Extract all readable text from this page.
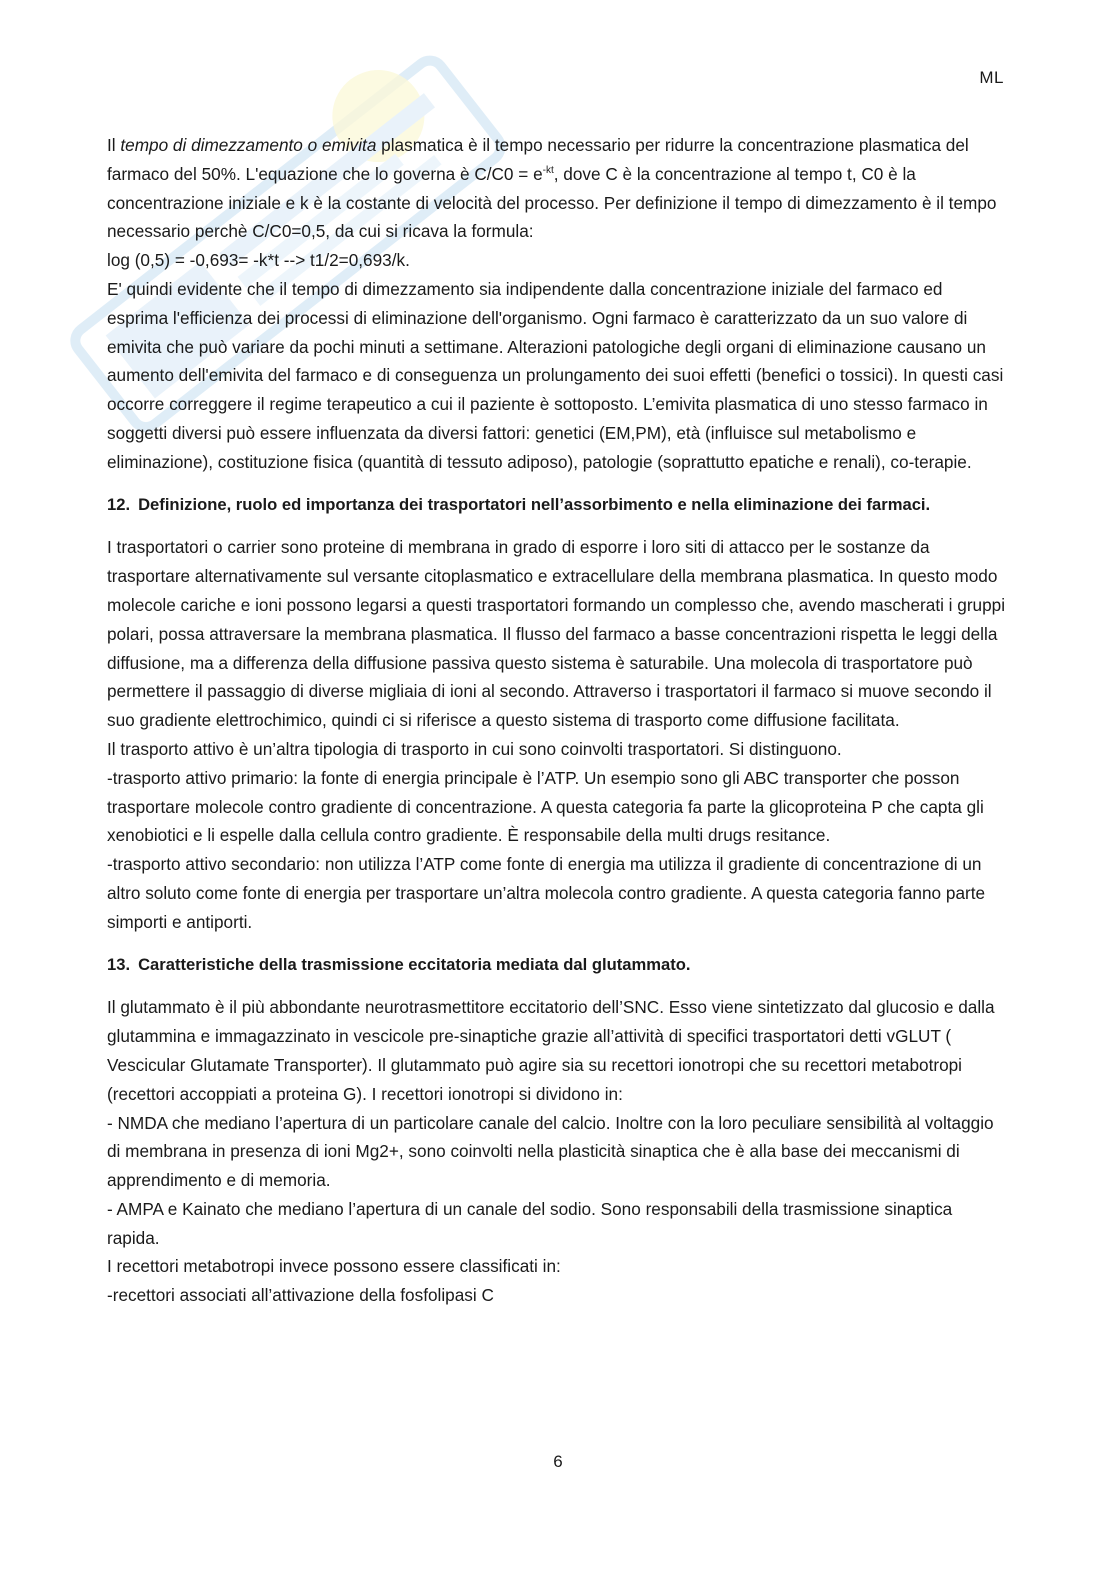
ML

Il tempo di dimezzamento o emivita plasmatica è il tempo necessario per ridurre la concentrazione plasmatica del farmaco del 50%. L'equazione che lo governa è $C/C0 = e^{-kt}$, dove C è la concentrazione al tempo t, C0 è la concentrazione iniziale e k è la costante di velocità del processo. Per definizione il tempo di dimezzamento è il tempo necessario perchè C/C0=0,5, da cui si ricava la formula:

log (0,5) = -0,693= -k*t --> t1/2=0,693/k.

E' quindi evidente che il tempo di dimezzamento sia indipendente dalla concentrazione iniziale del farmaco ed esprima l'efficienza dei processi di eliminazione dell'organismo. Ogni farmaco è caratterizzato da un suo valore di emivita che può variare da pochi minuti a settimane. Alterazioni patologiche degli organi di eliminazione causano un aumento dell'emivita del farmaco e di conseguenza un prolungamento dei suoi effetti (benefici o tossici). In questi casi occorre correggere il regime terapeutico a cui il paziente è sottoposto. L’emivita plasmatica di uno stesso farmaco in soggetti diversi può essere influenzata da diversi fattori: genetici (EM,PM), età (influisce sul metabolismo e eliminazione), costituzione fisica (quantità di tessuto adiposo), patologie (soprattutto epatiche e renali), co-terapie.

12. Definizione, ruolo ed importanza dei trasportatori nell’assorbimento e nella eliminazione dei farmaci.

I trasportatori o carrier sono proteine di membrana in grado di esporre i loro siti di attacco per le sostanze da trasportare alternativamente sul versante citoplasmatico e extracellulare della membrana plasmatica. In questo modo molecole cariche e ioni possono legarsi a questi trasportatori formando un complesso che, avendo mascherati i gruppi polari, possa attraversare la membrana plasmatica. Il flusso del farmaco a basse concentrazioni rispetta le leggi della diffusione, ma a differenza della diffusione passiva questo sistema è saturabile. Una molecola di trasportatore può permettere il passaggio di diverse migliaia di ioni al secondo. Attraverso i trasportatori il farmaco si muove secondo il suo gradiente elettrochimico, quindi ci si riferisce a questo sistema di trasporto come diffusione facilitata.

Il trasporto attivo è un’altra tipologia di trasporto in cui sono coinvolti trasportatori. Si distinguono.

-trasporto attivo primario: la fonte di energia principale è l’ATP. Un esempio sono gli ABC transporter che posson trasportare molecole contro gradiente di concentrazione. A questa categoria fa parte la glicoproteina P che capta gli xenobiotici e li espelle dalla cellula contro gradiente. È responsabile della multi drugs resitance.

-trasporto attivo secondario: non utilizza l’ATP come fonte di energia ma utilizza il gradiente di concentrazione di un altro soluto come fonte di energia per trasportare un’altra molecola contro gradiente. A questa categoria fanno parte simporti e antiporti.

13. Caratteristiche della trasmissione eccitatoria mediata dal glutammato.

Il glutammato è il più abbondante neurotrasmettitore eccitatorio dell’SNC. Esso viene sintetizzato dal glucosio e dalla glutammina e immagazzinato in vescicole pre-sinaptiche grazie all’attività di specifici trasportatori detti vGLUT ( Vescicular Glutamate Transporter). Il glutammato può agire sia su recettori ionotropi che su recettori metabotropi (recettori accoppiati a proteina G). I recettori ionotropi si dividono in:

- NMDA che mediano l’apertura di un particolare canale del calcio. Inoltre con la loro peculiare sensibilità al voltaggio di membrana in presenza di ioni Mg2+, sono coinvolti nella plasticità sinaptica che è alla base dei meccanismi di apprendimento e di memoria.

- AMPA e Kainato che mediano l’apertura di un canale del sodio. Sono responsabili della trasmissione sinaptica rapida.

I recettori metabotropi invece possono essere classificati in:

-recettori associati all’attivazione della fosfolipasi C

6
